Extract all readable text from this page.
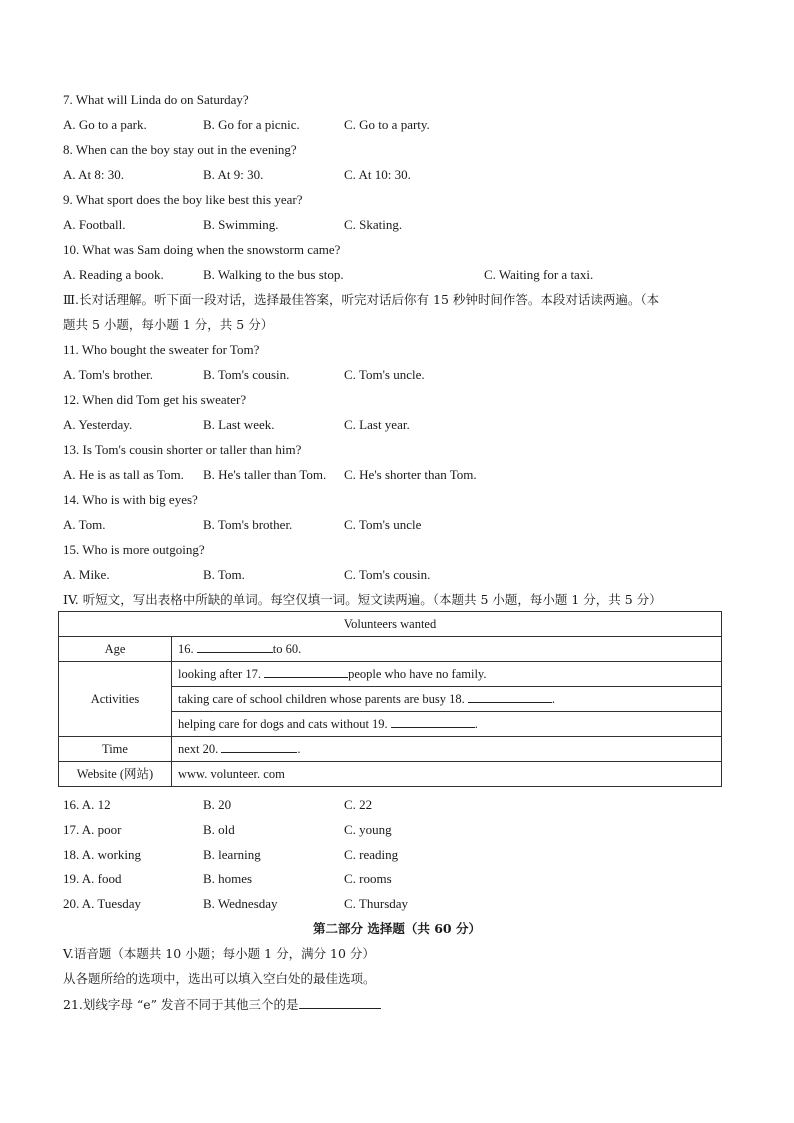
7. What will Linda do on Saturday?
A. Go to a park.	B. Go for a picnic.	C. Go to a party.
8. When can the boy stay out in the evening?
A. At 8: 30.	B. At 9: 30.	C. At 10: 30.
9. What sport does the boy like best this year?
A. Football.	B. Swimming.	C. Skating.
10. What was Sam doing when the snowstorm came?
A. Reading a book.	B. Walking to the bus stop.	C. Waiting for a taxi.
Ⅲ.长对话理解。听下面一段对话，选择最佳答案，听完对话后你有 15 秒钟时间作答。本段对话读两遍。（本
题共 5 小题，每小题 1 分，共 5 分）
11. Who bought the sweater for Tom?
A. Tom's brother.	B. Tom's cousin.	C. Tom's uncle.
12. When did Tom get his sweater?
A. Yesterday.	B. Last week.	C. Last year.
13. Is Tom's cousin shorter or taller than him?
A. He is as tall as Tom. B. He's taller than Tom. C. He's shorter than Tom.
14. Who is with big eyes?
A. Tom.	B. Tom's brother.	C. Tom's uncle
15. Who is more outgoing?
A. Mike.	B. Tom.	C. Tom's cousin.
IV. 听短文，写出表格中所缺的单词。每空仅填一词。短文读两遍。（本题共 5 小题，每小题 1 分，共 5 分）
Volunteers wanted	
Age	16. to 60.
Activities	looking after 17. people who have no family.
	taking care of school children whose parents are busy 18. .
	helping care for dogs and cats without 19. .
Time	next 20. .
Website (网站)	www. volunteer. com
16. A. 12	B. 20	C. 22
17. A. poor	B. old	C. young
18. A. working	B. learning	C. reading
19. A. food	B. homes	C. rooms
20. A. Tuesday	B. Wednesday	C. Thursday
第二部分 选择题（共 60 分）
V.语音题（本题共 10 小题；每小题 1 分，满分 10 分）
从各题所给的选项中，选出可以填入空白处的最佳选项。
21.划线字母 “e” 发音不同于其他三个的是
